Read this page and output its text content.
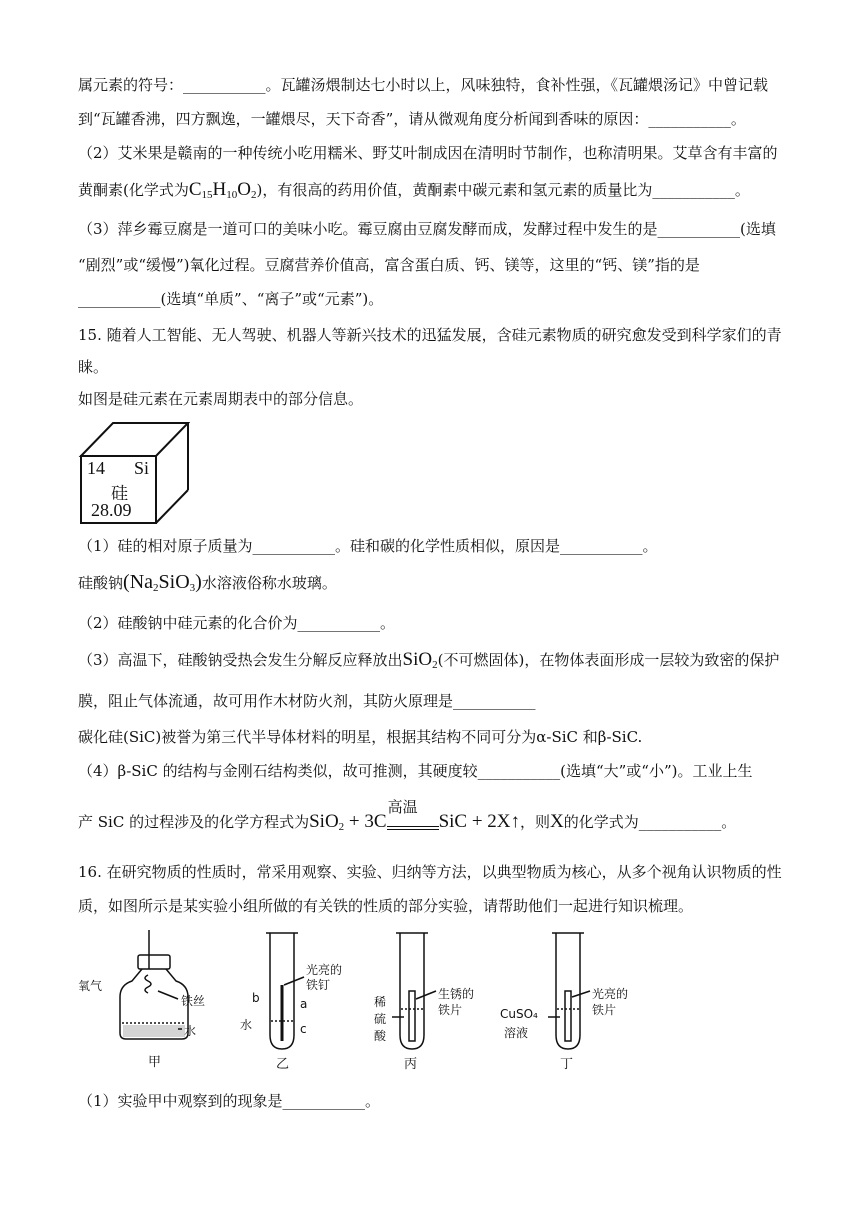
属元素的符号：___________。瓦罐汤煨制达七小时以上，风味独特，食补性强，《瓦罐煨汤记》中曾记载
到“瓦罐香沸，四方飘逸，一罐煨尽，天下奇香”，请从微观角度分析闻到香味的原因：___________。
（2）艾米果是赣南的一种传统小吃用糯米、野艾叶制成因在清明时节制作，也称清明果。艾草含有丰富的
黄酮素(化学式为$C_{15}H_{10}O_2$)，有很高的药用价值，黄酮素中碳元素和氢元素的质量比为___________。
（3）萍乡霉豆腐是一道可口的美味小吃。霉豆腐由豆腐发酵而成，发酵过程中发生的是___________(选填
“剧烈”或“缓慢”)氧化过程。豆腐营养价值高，富含蛋白质、钙、镁等，这里的“钙、镁”指的是
___________(选填“单质”、“离子”或“元素”)。
15. 随着人工智能、无人驾驶、机器人等新兴技术的迅猛发展，含硅元素物质的研究愈发受到科学家们的青
睐。
如图是硅元素在元素周期表中的部分信息。
14 Si
硅
28.09
（1）硅的相对原子质量为___________。硅和碳的化学性质相似，原因是___________。
硅酸钠$(Na_2SiO_3)$水溶液俗称水玻璃。
（2）硅酸钠中硅元素的化合价为___________。
（3）高温下，硅酸钠受热会发生分解反应释放出SiO$_2$(不可燃固体)，在物体表面形成一层较为致密的保护
膜，阻止气体流通，故可用作木材防火剂，其防火原理是___________
碳化硅(SiC)被誉为第三代半导体材料的明星，根据其结构不同可分为α-SiC 和β-SiC.
（4）β-SiC 的结构与金刚石结构类似，故可推测，其硬度较___________(选填“大”或“小”)。工业上生
产 SiC 的过程涉及的化学方程式为SiO$_2$ + 3C
高温
SiC + 2X↑，则X的化学式为___________。
16. 在研究物质的性质时，常采用观察、实验、归纳等方法，以典型物质为核心，从多个视角认识物质的性
质，如图所示是某实验小组所做的有关铁的性质的部分实验，请帮助他们一起进行知识梳理。
氧气
铁丝
水
甲
光亮的
铁钉
b	a
水	c
乙
稀
硫
酸
生锈的
铁片
丙
CuSO₄
溶液
光亮的
铁片
丁
（1）实验甲中观察到的现象是___________。
